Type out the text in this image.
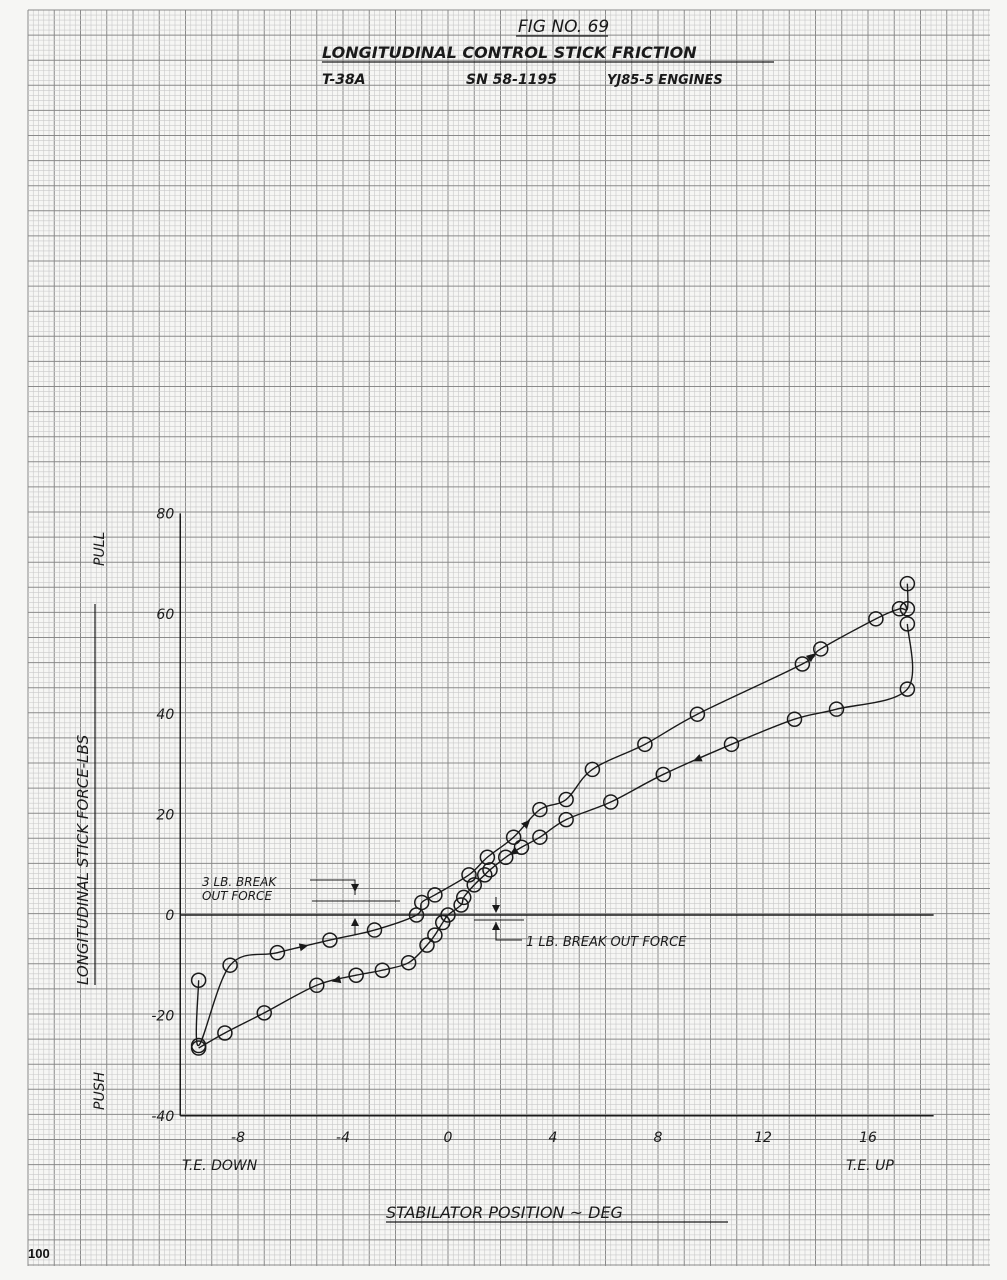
FIG NO. 69
LONGITUDINAL CONTROL STICK FRICTION
T-38A	SN 58-1195	YJ85-5 ENGINES
LONGITUDINAL STICK FORCE-LBS
PULL
PUSH
T.E. DOWN	T.E. UP
STABILATOR POSITION ~ DEG
3 LB. BREAK
OUT FORCE
1 LB. BREAK OUT FORCE
-40
-20
0
20
40
60
80
-8	-4	0	4	8	12	16
100
